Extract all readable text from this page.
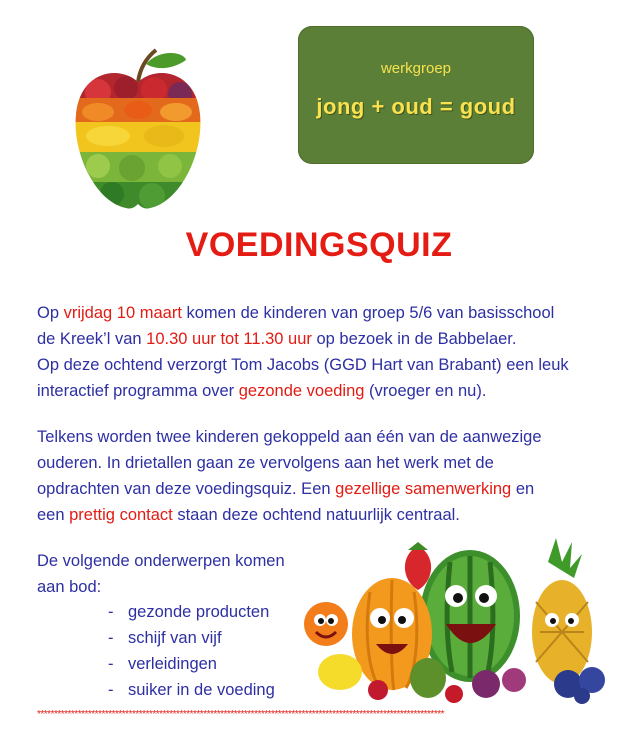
werkgroep
jong + oud = goud
VOEDINGSQUIZ
Op vrijdag 10 maart komen de kinderen van groep 5/6 van basisschool
de Kreek’l van 10.30 uur tot 11.30 uur op bezoek in de Babbelaer.
Op deze ochtend verzorgt Tom Jacobs (GGD Hart van Brabant) een leuk
interactief programma over gezonde voeding (vroeger en nu).
Telkens worden twee kinderen gekoppeld aan één van de aanwezige
ouderen. In drietallen gaan ze vervolgens aan het werk met de
opdrachten van deze voedingsquiz. Een gezellige samenwerking en
een prettig contact staan deze ochtend natuurlijk centraal.
De volgende onderwerpen komen
aan bod:
- gezonde producten
- schijf van vijf
- verleidingen
- suiker in de voeding
************************************************************************************************************************
